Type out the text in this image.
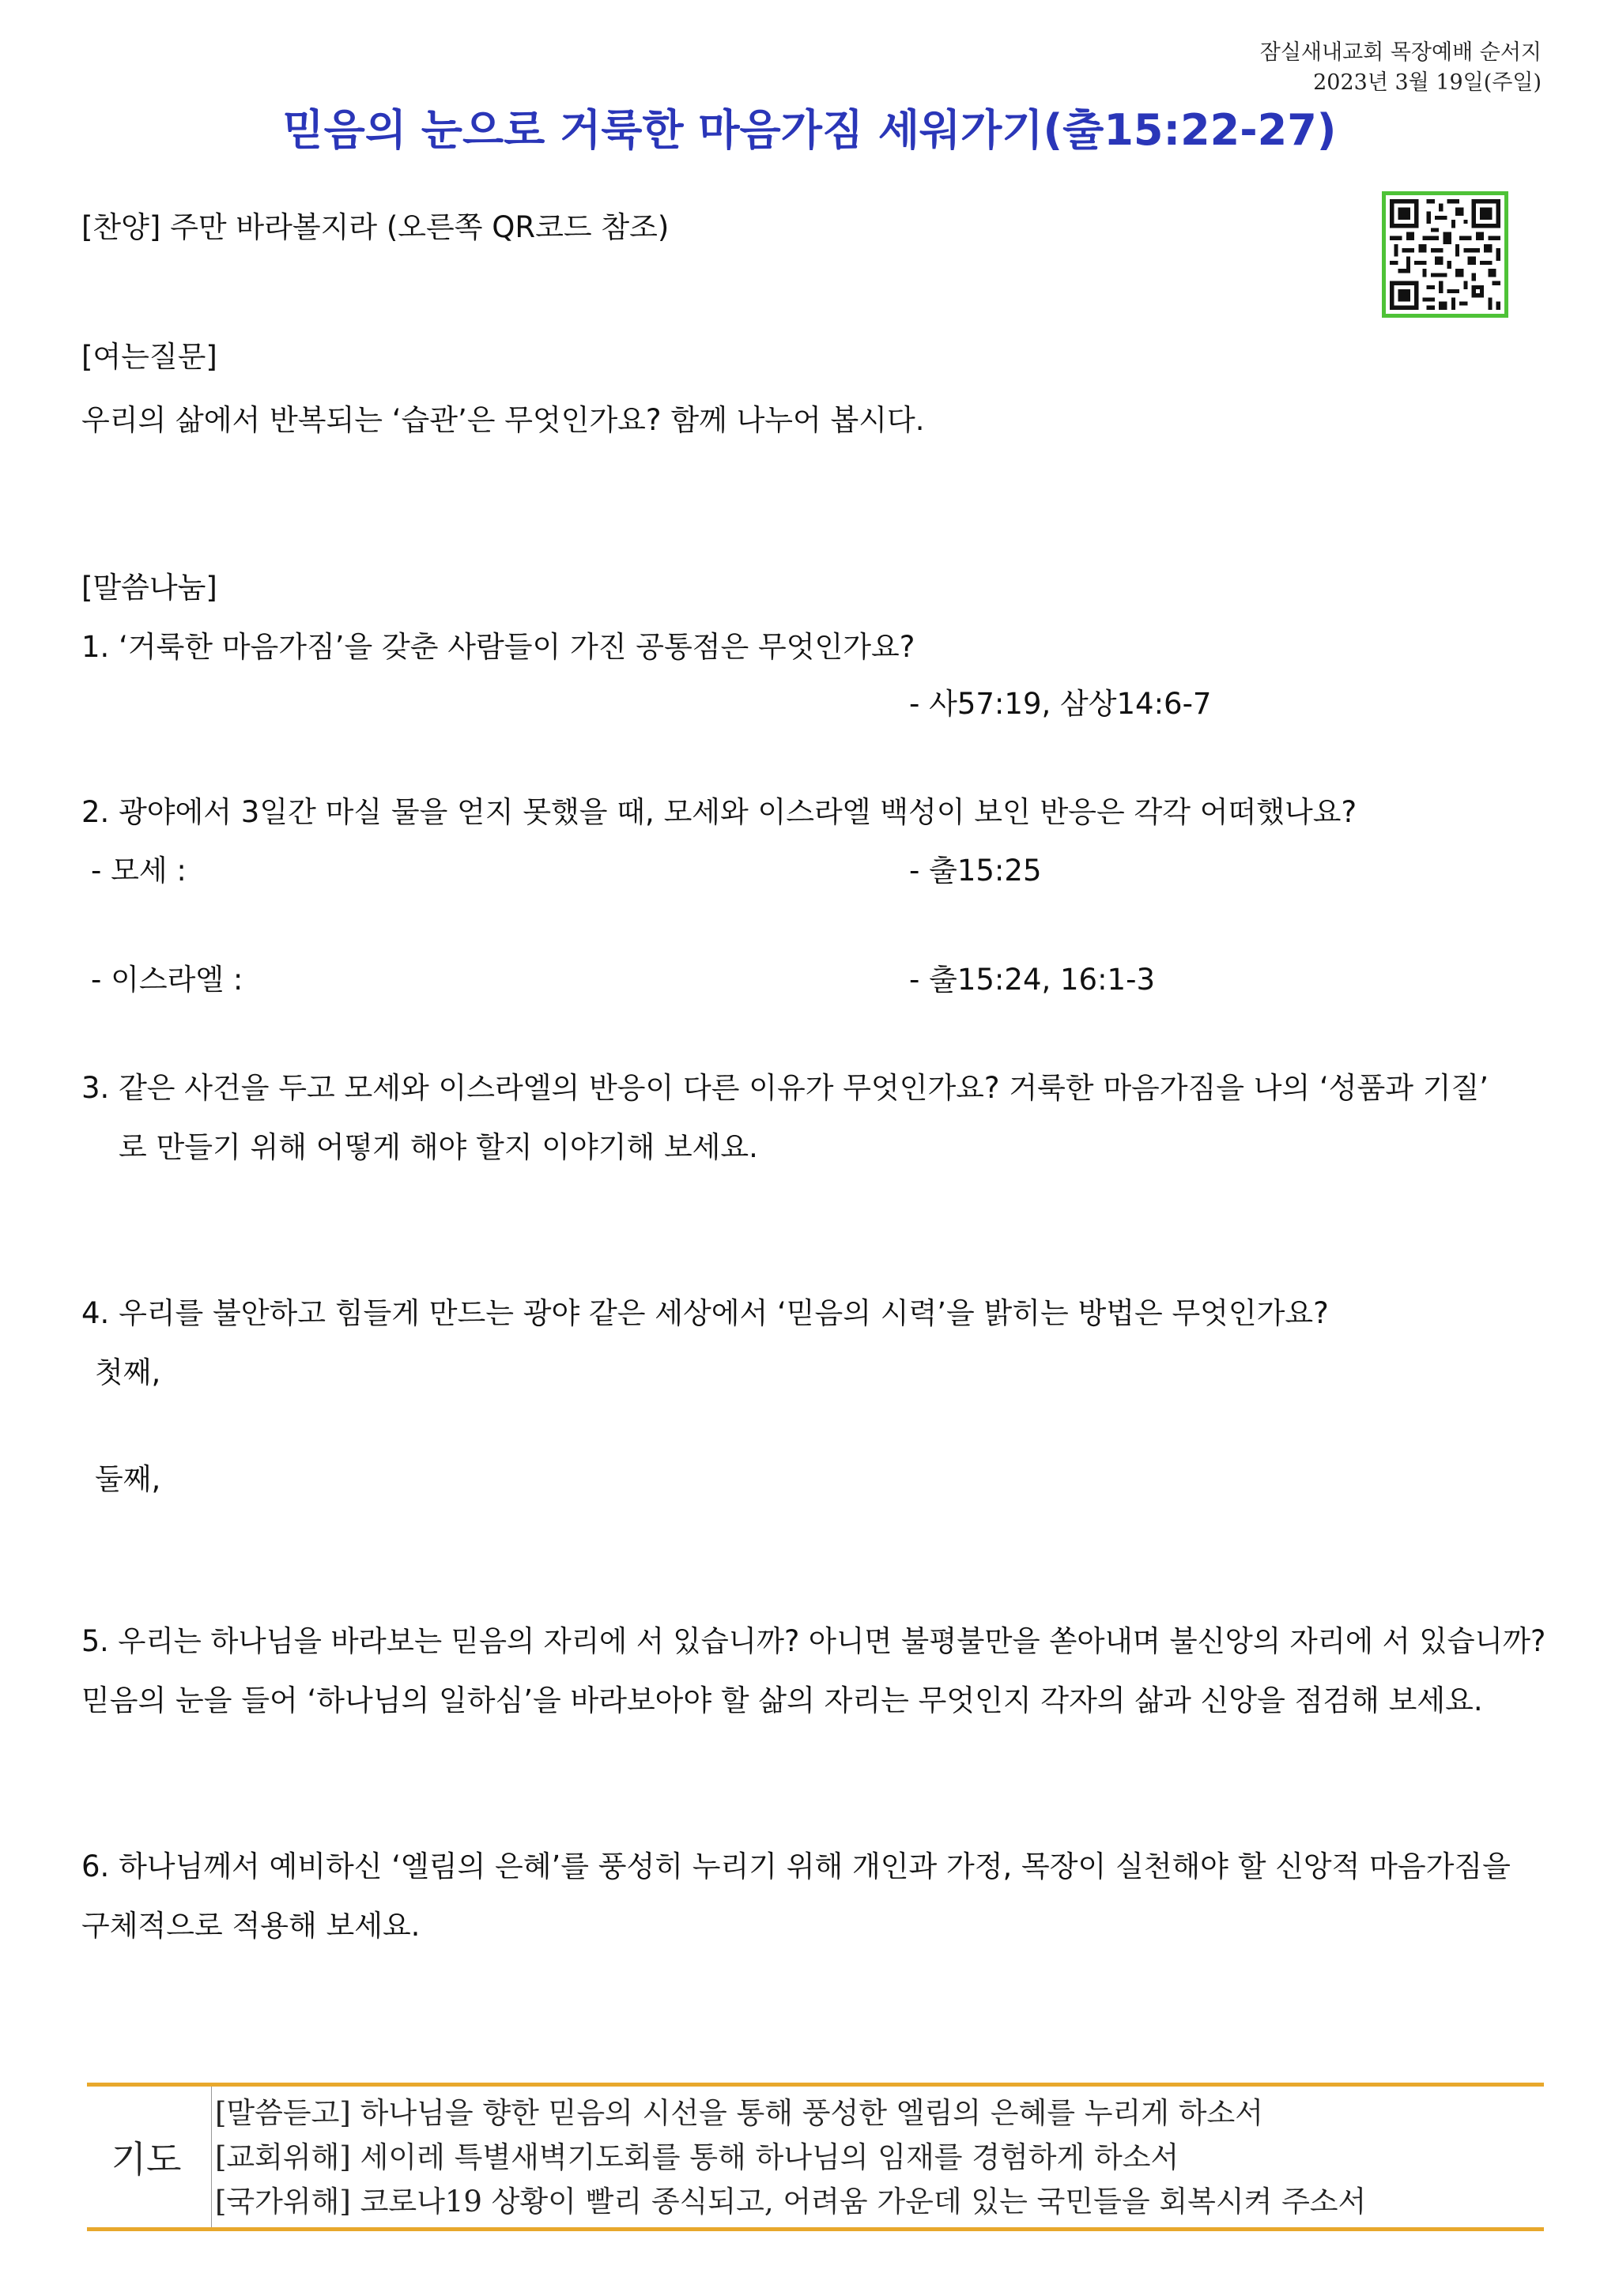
잠실새내교회 목장예배 순서지
2023년 3월 19일(주일)
믿음의 눈으로 거룩한 마음가짐 세워가기(출15:22-27)
[찬양] 주만 바라볼지라 (오른쪽 QR코드 참조)
[여는질문]
우리의 삶에서 반복되는 ‘습관’은 무엇인가요? 함께 나누어 봅시다.
[말씀나눔]
1. ‘거룩한 마음가짐’을 갖춘 사람들이 가진 공통점은 무엇인가요?
- 사57:19, 삼상14:6-7
2. 광야에서 3일간 마실 물을 얻지 못했을 때, 모세와 이스라엘 백성이 보인 반응은 각각 어떠했나요?
- 모세 :	- 출15:25
- 이스라엘 :	- 출15:24, 16:1-3
3. 같은 사건을 두고 모세와 이스라엘의 반응이 다른 이유가 무엇인가요? 거룩한 마음가짐을 나의 ‘성품과 기질’
로 만들기 위해 어떻게 해야 할지 이야기해 보세요.
4. 우리를 불안하고 힘들게 만드는 광야 같은 세상에서 ‘믿음의 시력’을 밝히는 방법은 무엇인가요?
첫째,
둘째,
5. 우리는 하나님을 바라보는 믿음의 자리에 서 있습니까? 아니면 불평불만을 쏟아내며 불신앙의 자리에 서 있습니까?
믿음의 눈을 들어 ‘하나님의 일하심’을 바라보아야 할 삶의 자리는 무엇인지 각자의 삶과 신앙을 점검해 보세요.
6. 하나님께서 예비하신 ‘엘림의 은혜’를 풍성히 누리기 위해 개인과 가정, 목장이 실천해야 할 신앙적 마음가짐을
구체적으로 적용해 보세요.
기도
[말씀듣고] 하나님을 향한 믿음의 시선을 통해 풍성한 엘림의 은혜를 누리게 하소서
[교회위해] 세이레 특별새벽기도회를 통해 하나님의 임재를 경험하게 하소서
[국가위해] 코로나19 상황이 빨리 종식되고, 어려움 가운데 있는 국민들을 회복시켜 주소서
